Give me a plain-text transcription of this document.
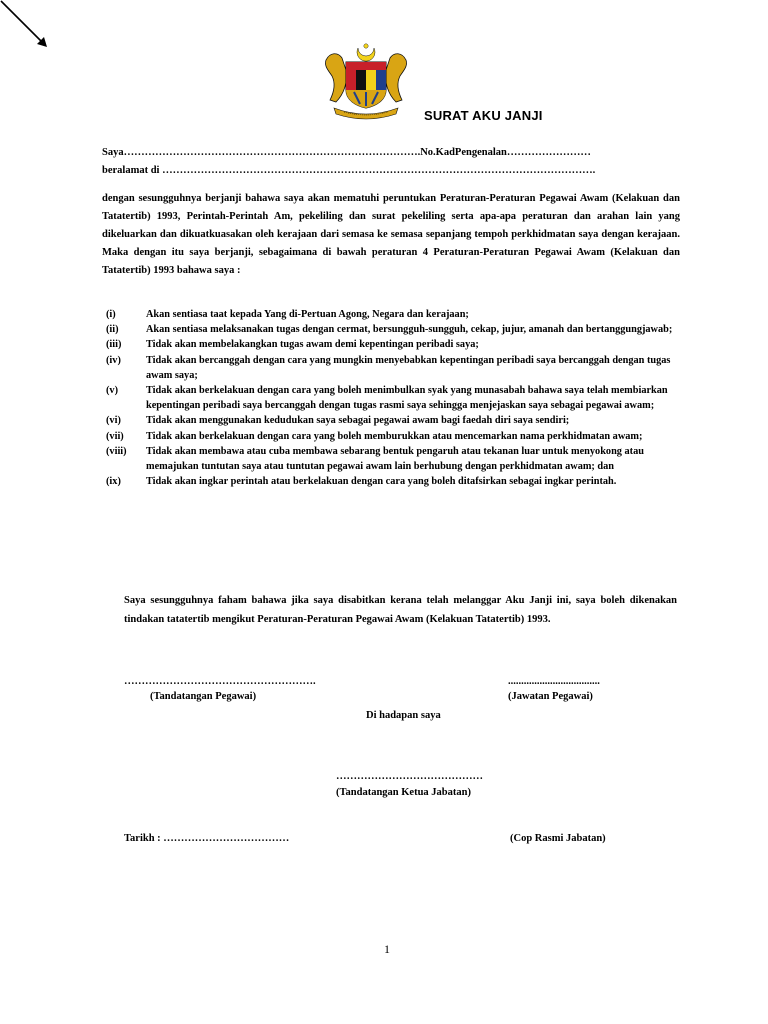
SURAT AKU JANJI
Saya………………………………………………………………………….No.KadPengenalan……………………
beralamat di …………………………………………………………………………………………………………….
dengan sesungguhnya berjanji bahawa saya akan mematuhi peruntukan Peraturan-Peraturan Pegawai Awam (Kelakuan dan Tatatertib) 1993, Perintah-Perintah Am, pekeliling dan surat pekeliling serta apa-apa peraturan dan arahan lain yang dikeluarkan dan dikuatkuasakan oleh kerajaan dari semasa ke semasa sepanjang tempoh perkhidmatan saya dengan kerajaan. Maka dengan itu saya berjanji, sebagaimana di bawah peraturan 4 Peraturan-Peraturan Pegawai Awam (Kelakuan dan Tatatertib) 1993 bahawa saya :
(i)	Akan sentiasa taat kepada Yang di-Pertuan Agong, Negara dan kerajaan;
(ii)	Akan sentiasa melaksanakan tugas dengan cermat, bersungguh-sungguh, cekap, jujur, amanah dan bertanggungjawab;
(iii)	Tidak akan membelakangkan tugas awam demi kepentingan peribadi saya;
(iv)	Tidak akan bercanggah dengan cara yang mungkin menyebabkan kepentingan peribadi saya bercanggah dengan tugas awam saya;
(v)	Tidak akan berkelakuan dengan cara yang boleh menimbulkan syak yang munasabah bahawa saya telah membiarkan kepentingan peribadi saya bercanggah dengan tugas rasmi saya sehingga menjejaskan saya sebagai pegawai awam;
(vi)	Tidak akan menggunakan kedudukan saya sebagai pegawai awam bagi faedah diri saya sendiri;
(vii)	Tidak akan berkelakuan dengan cara yang boleh memburukkan atau mencemarkan nama perkhidmatan awam;
(viii)	Tidak akan membawa atau cuba membawa sebarang bentuk pengaruh atau tekanan luar untuk menyokong atau memajukan tuntutan saya atau tuntutan pegawai awam lain berhubung dengan perkhidmatan awam; dan
(ix)	Tidak akan ingkar perintah atau berkelakuan dengan cara yang boleh ditafsirkan sebagai ingkar perintah.
Saya sesungguhnya faham bahawa jika saya disabitkan kerana telah melanggar Aku Janji ini, saya boleh dikenakan tindakan tatatertib mengikut Peraturan-Peraturan Pegawai Awam (Kelakuan Tatatertib) 1993.
……………………………………………….
(Tandatangan Pegawai)
...................................
(Jawatan Pegawai)
Di hadapan saya
……………………………………
(Tandatangan Ketua Jabatan)
Tarikh : ………………………………	(Cop Rasmi Jabatan)
1
